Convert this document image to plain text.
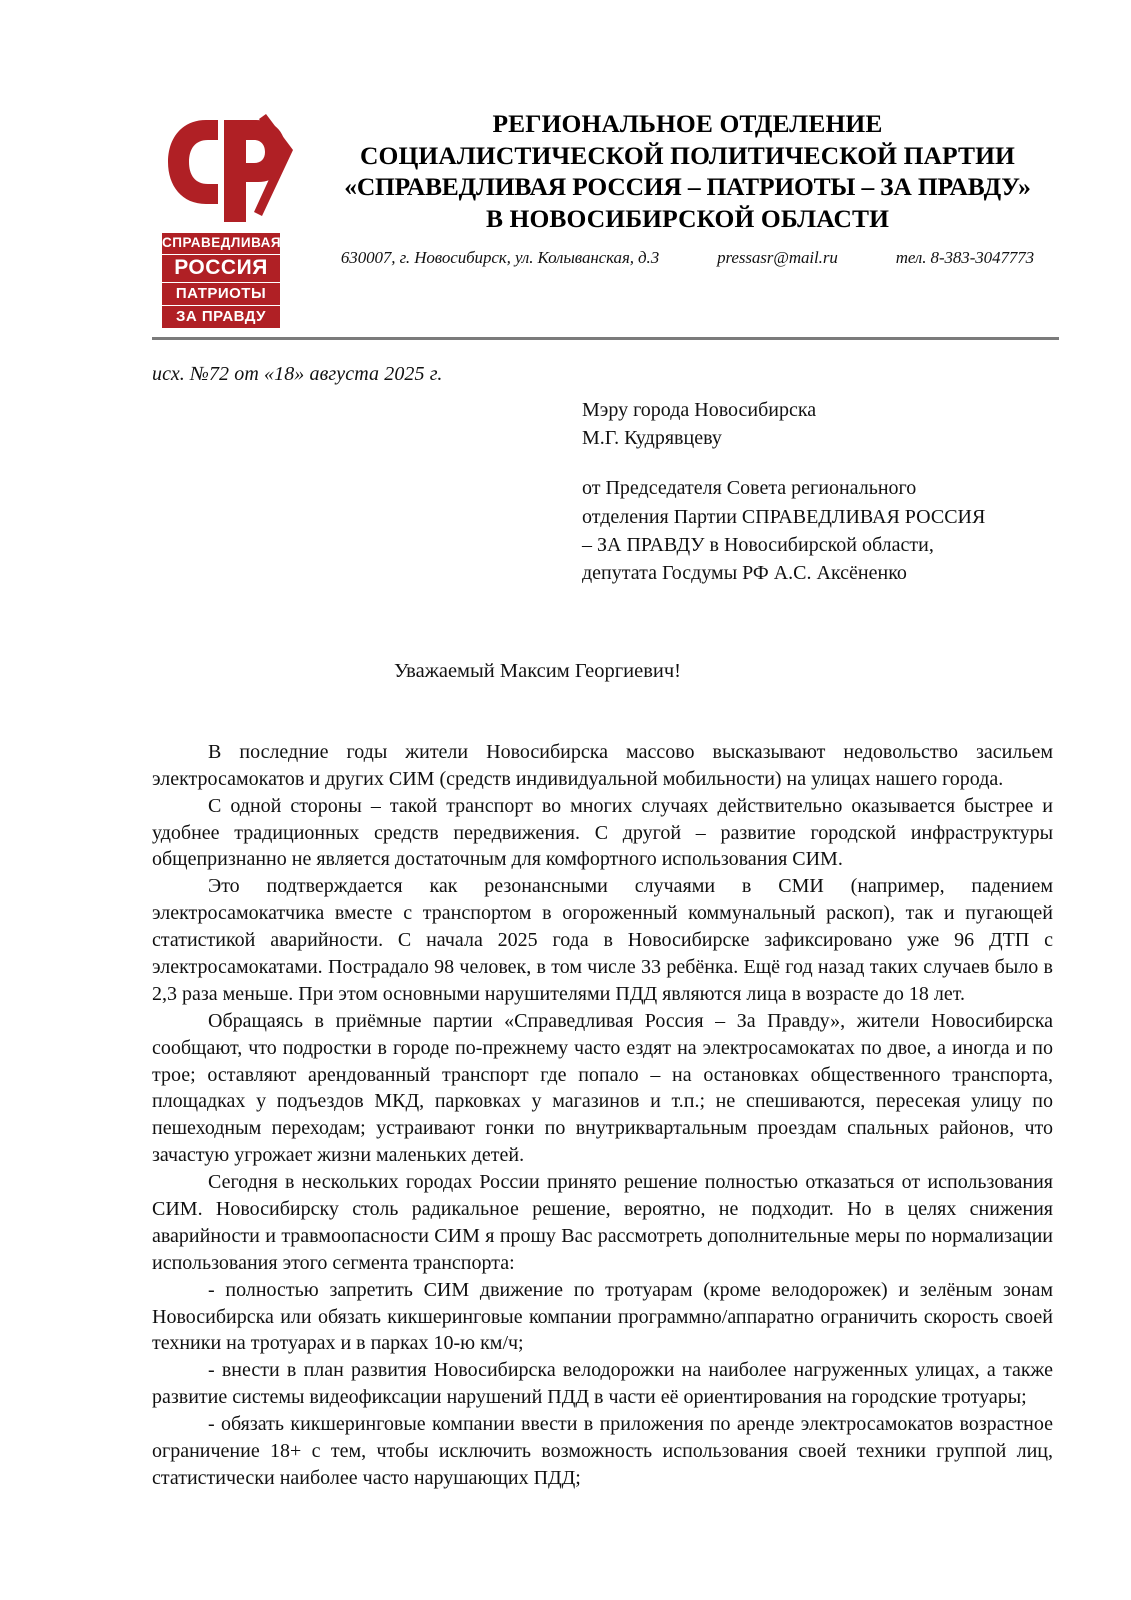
СПРАВЕДЛИВАЯ
РОССИЯ
ПАТРИОТЫ
ЗА ПРАВДУ
РЕГИОНАЛЬНОЕ ОТДЕЛЕНИЕ
СОЦИАЛИСТИЧЕСКОЙ ПОЛИТИЧЕСКОЙ ПАРТИИ
«СПРАВЕДЛИВАЯ РОССИЯ – ПАТРИОТЫ – ЗА ПРАВДУ»
В НОВОСИБИРСКОЙ ОБЛАСТИ
630007, г. Новосибирск, ул. Колыванская, д.3	pressasr@mail.ru	тел. 8-383-3047773
исх. №72 от «18» августа 2025 г.
Мэру города Новосибирска
М.Г. Кудрявцеву
от Председателя Совета регионального
отделения Партии СПРАВЕДЛИВАЯ РОССИЯ
– ЗА ПРАВДУ в Новосибирской области,
депутата Госдумы РФ А.С. Аксёненко
Уважаемый Максим Георгиевич!

В последние годы жители Новосибирска массово высказывают недовольство засильем электросамокатов и других СИМ (средств индивидуальной мобильности) на улицах нашего города.

С одной стороны – такой транспорт во многих случаях действительно оказывается быстрее и удобнее традиционных средств передвижения. С другой – развитие городской инфраструктуры общепризнанно не является достаточным для комфортного использования СИМ.

Это подтверждается как резонансными случаями в СМИ (например, падением электросамокатчика вместе с транспортом в огороженный коммунальный раскоп), так и пугающей статистикой аварийности. С начала 2025 года в Новосибирске зафиксировано уже 96 ДТП с электросамокатами. Пострадало 98 человек, в том числе 33 ребёнка. Ещё год назад таких случаев было в 2,3 раза меньше. При этом основными нарушителями ПДД являются лица в возрасте до 18 лет.

Обращаясь в приёмные партии «Справедливая Россия – За Правду», жители Новосибирска сообщают, что подростки в городе по-прежнему часто ездят на электросамокатах по двое, а иногда и по трое; оставляют арендованный транспорт где попало – на остановках общественного транспорта, площадках у подъездов МКД, парковках у магазинов и т.п.; не спешиваются, пересекая улицу по пешеходным переходам; устраивают гонки по внутриквартальным проездам спальных районов, что зачастую угрожает жизни маленьких детей.

Сегодня в нескольких городах России принято решение полностью отказаться от использования СИМ. Новосибирску столь радикальное решение, вероятно, не подходит. Но в целях снижения аварийности и травмоопасности СИМ я прошу Вас рассмотреть дополнительные меры по нормализации использования этого сегмента транспорта:

- полностью запретить СИМ движение по тротуарам (кроме велодорожек) и зелёным зонам Новосибирска или обязать кикшеринговые компании программно/аппаратно ограничить скорость своей техники на тротуарах и в парках 10-ю км/ч;

- внести в план развития Новосибирска велодорожки на наиболее нагруженных улицах, а также развитие системы видеофиксации нарушений ПДД в части её ориентирования на городские тротуары;

- обязать кикшеринговые компании ввести в приложения по аренде электросамокатов возрастное ограничение 18+ с тем, чтобы исключить возможность использования своей техники группой лиц, статистически наиболее часто нарушающих ПДД;
